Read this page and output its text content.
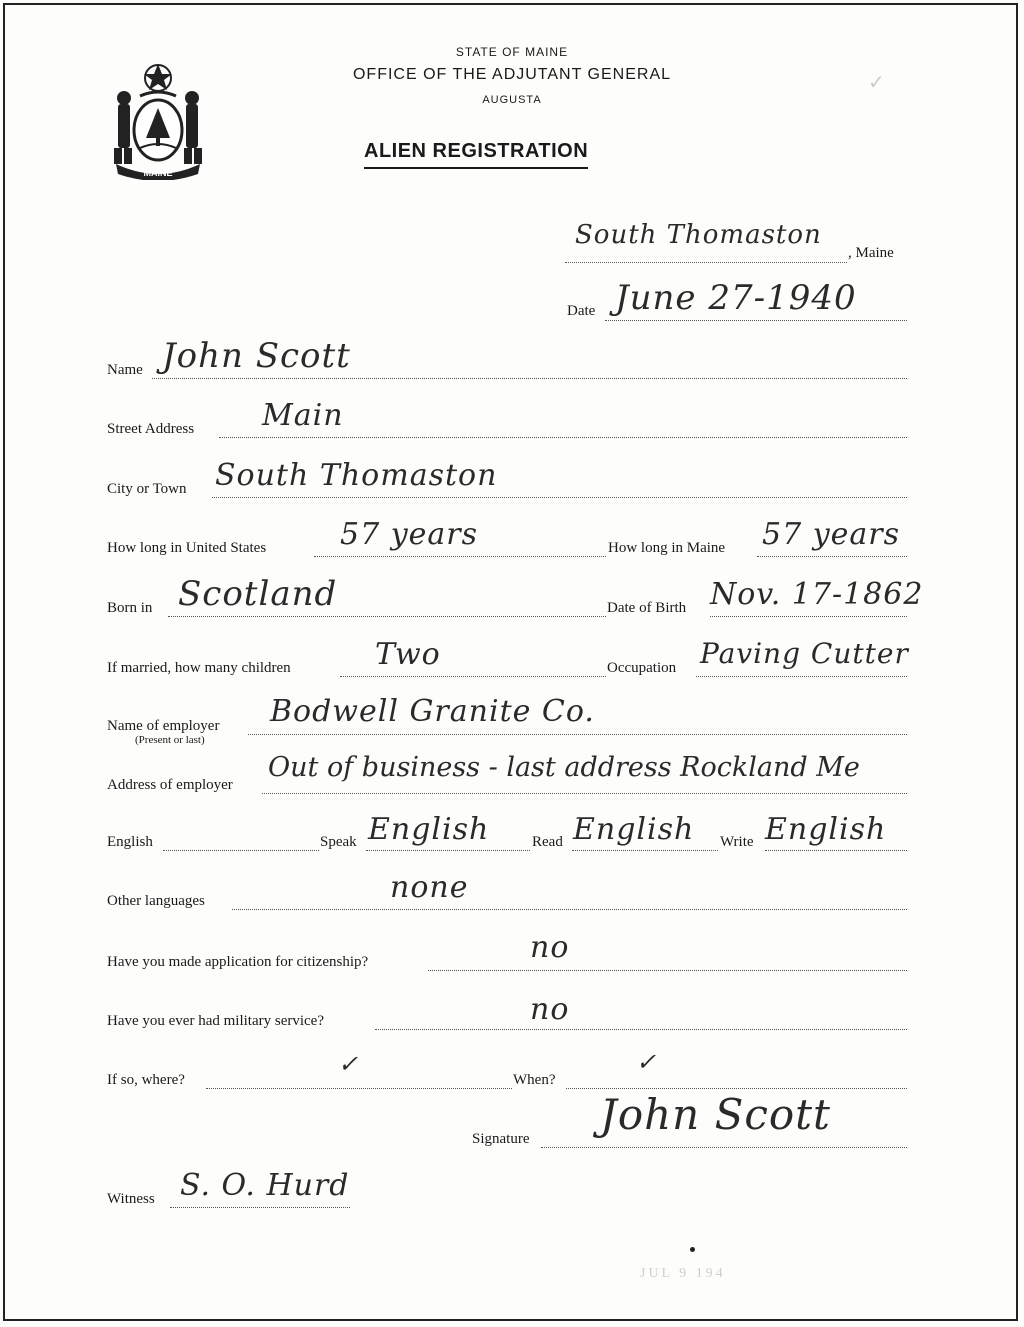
MAINE
STATE OF MAINE
OFFICE OF THE ADJUTANT GENERAL
AUGUSTA
ALIEN REGISTRATION
✓
South Thomaston
, Maine
Date June 27-1940
Name John Scott
Street Address Main
City or Town South Thomaston
How long in United States 57 years	How long in Maine 57 years
Born in Scotland	Date of Birth Nov. 17-1862
If married, how many children	Two	Occupation Paving Cutter
Name of employer
(Present or last)
Bodwell Granite Co.
Address of employer
Out of business - last address Rockland Me
English	Speak English	Read English Write English
Other languages	none
Have you made application for citizenship?	no
Have you ever had military service?	no
If so, where?
✓
When?
✓
Signature John Scott
Witness S. O. Hurd
JUL 9 194
